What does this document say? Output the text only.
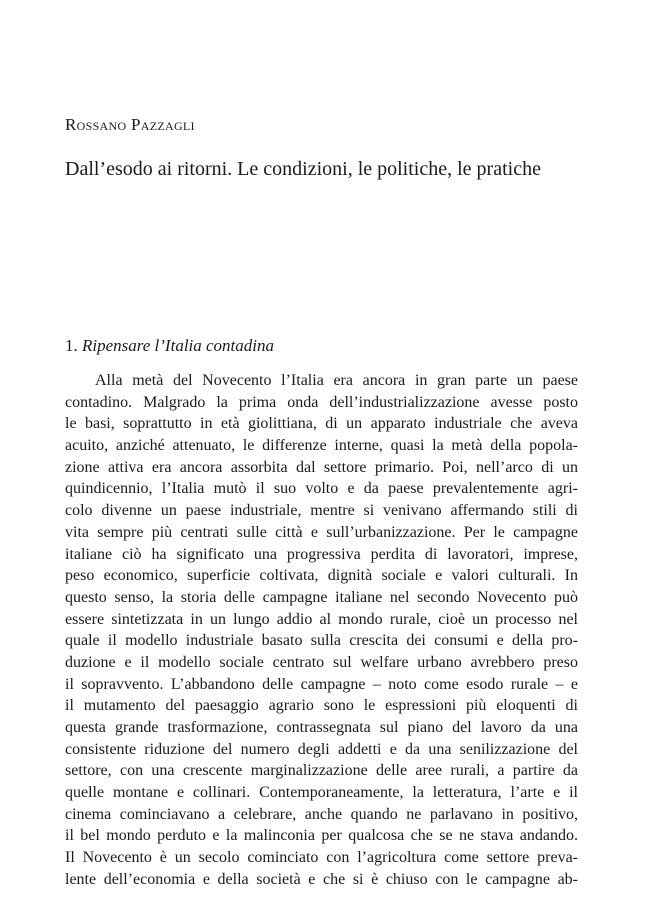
Rossano Pazzagli
Dall’esodo ai ritorni. Le condizioni, le politiche, le pratiche
1. Ripensare l’Italia contadina
Alla metà del Novecento l’Italia era ancora in gran parte un paese
contadino. Malgrado la prima onda dell’industrializzazione avesse posto
le basi, soprattutto in età giolittiana, di un apparato industriale che aveva
acuito, anziché attenuato, le differenze interne, quasi la metà della popola-
zione attiva era ancora assorbita dal settore primario. Poi, nell’arco di un
quindicennio, l’Italia mutò il suo volto e da paese prevalentemente agri-
colo divenne un paese industriale, mentre si venivano affermando stili di
vita sempre più centrati sulle città e sull’urbanizzazione. Per le campagne
italiane ciò ha significato una progressiva perdita di lavoratori, imprese,
peso economico, superficie coltivata, dignità sociale e valori culturali. In
questo senso, la storia delle campagne italiane nel secondo Novecento può
essere sintetizzata in un lungo addio al mondo rurale, cioè un processo nel
quale il modello industriale basato sulla crescita dei consumi e della pro-
duzione e il modello sociale centrato sul welfare urbano avrebbero preso
il sopravvento. L’abbandono delle campagne – noto come esodo rurale – e
il mutamento del paesaggio agrario sono le espressioni più eloquenti di
questa grande trasformazione, contrassegnata sul piano del lavoro da una
consistente riduzione del numero degli addetti e da una senilizzazione del
settore, con una crescente marginalizzazione delle aree rurali, a partire da
quelle montane e collinari. Contemporaneamente, la letteratura, l’arte e il
cinema cominciavano a celebrare, anche quando ne parlavano in positivo,
il bel mondo perduto e la malinconia per qualcosa che se ne stava andando.
Il Novecento è un secolo cominciato con l’agricoltura come settore preva-
lente dell’economia e della società e che si è chiuso con le campagne ab-
